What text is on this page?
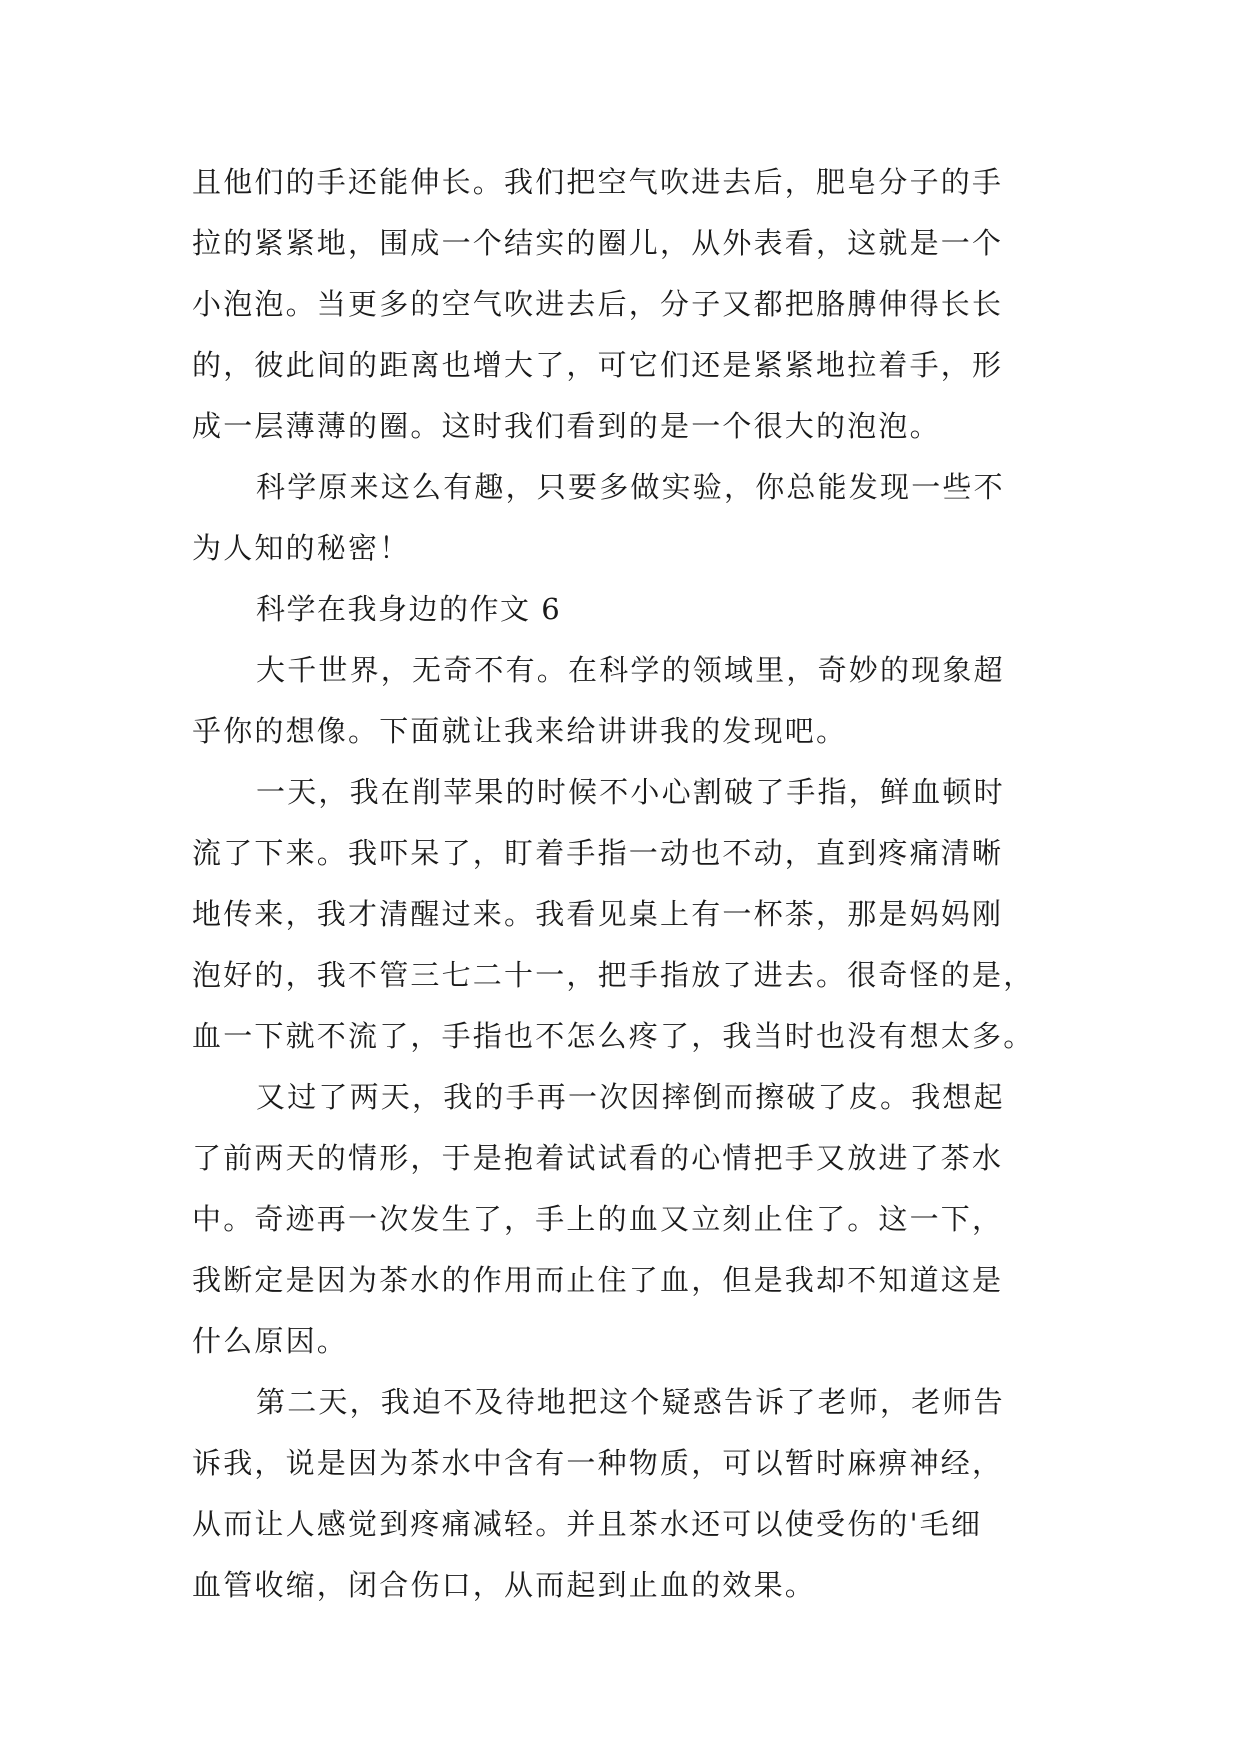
且他们的手还能伸长。我们把空气吹进去后，肥皂分子的手
拉的紧紧地，围成一个结实的圈儿，从外表看，这就是一个
小泡泡。当更多的空气吹进去后，分子又都把胳膊伸得长长
的，彼此间的距离也增大了，可它们还是紧紧地拉着手，形
成一层薄薄的圈。这时我们看到的是一个很大的泡泡。
科学原来这么有趣，只要多做实验，你总能发现一些不
为人知的秘密！
科学在我身边的作文 6
大千世界，无奇不有。在科学的领域里，奇妙的现象超
乎你的想像。下面就让我来给讲讲我的发现吧。
一天，我在削苹果的时候不小心割破了手指，鲜血顿时
流了下来。我吓呆了，盯着手指一动也不动，直到疼痛清晰
地传来，我才清醒过来。我看见桌上有一杯茶，那是妈妈刚
泡好的，我不管三七二十一，把手指放了进去。很奇怪的是，
血一下就不流了，手指也不怎么疼了，我当时也没有想太多。
又过了两天，我的手再一次因摔倒而擦破了皮。我想起
了前两天的情形，于是抱着试试看的心情把手又放进了茶水
中。奇迹再一次发生了，手上的血又立刻止住了。这一下，
我断定是因为茶水的作用而止住了血，但是我却不知道这是
什么原因。
第二天，我迫不及待地把这个疑惑告诉了老师，老师告
诉我，说是因为茶水中含有一种物质，可以暂时麻痹神经，
从而让人感觉到疼痛减轻。并且茶水还可以使受伤的'毛细
血管收缩，闭合伤口，从而起到止血的效果。
